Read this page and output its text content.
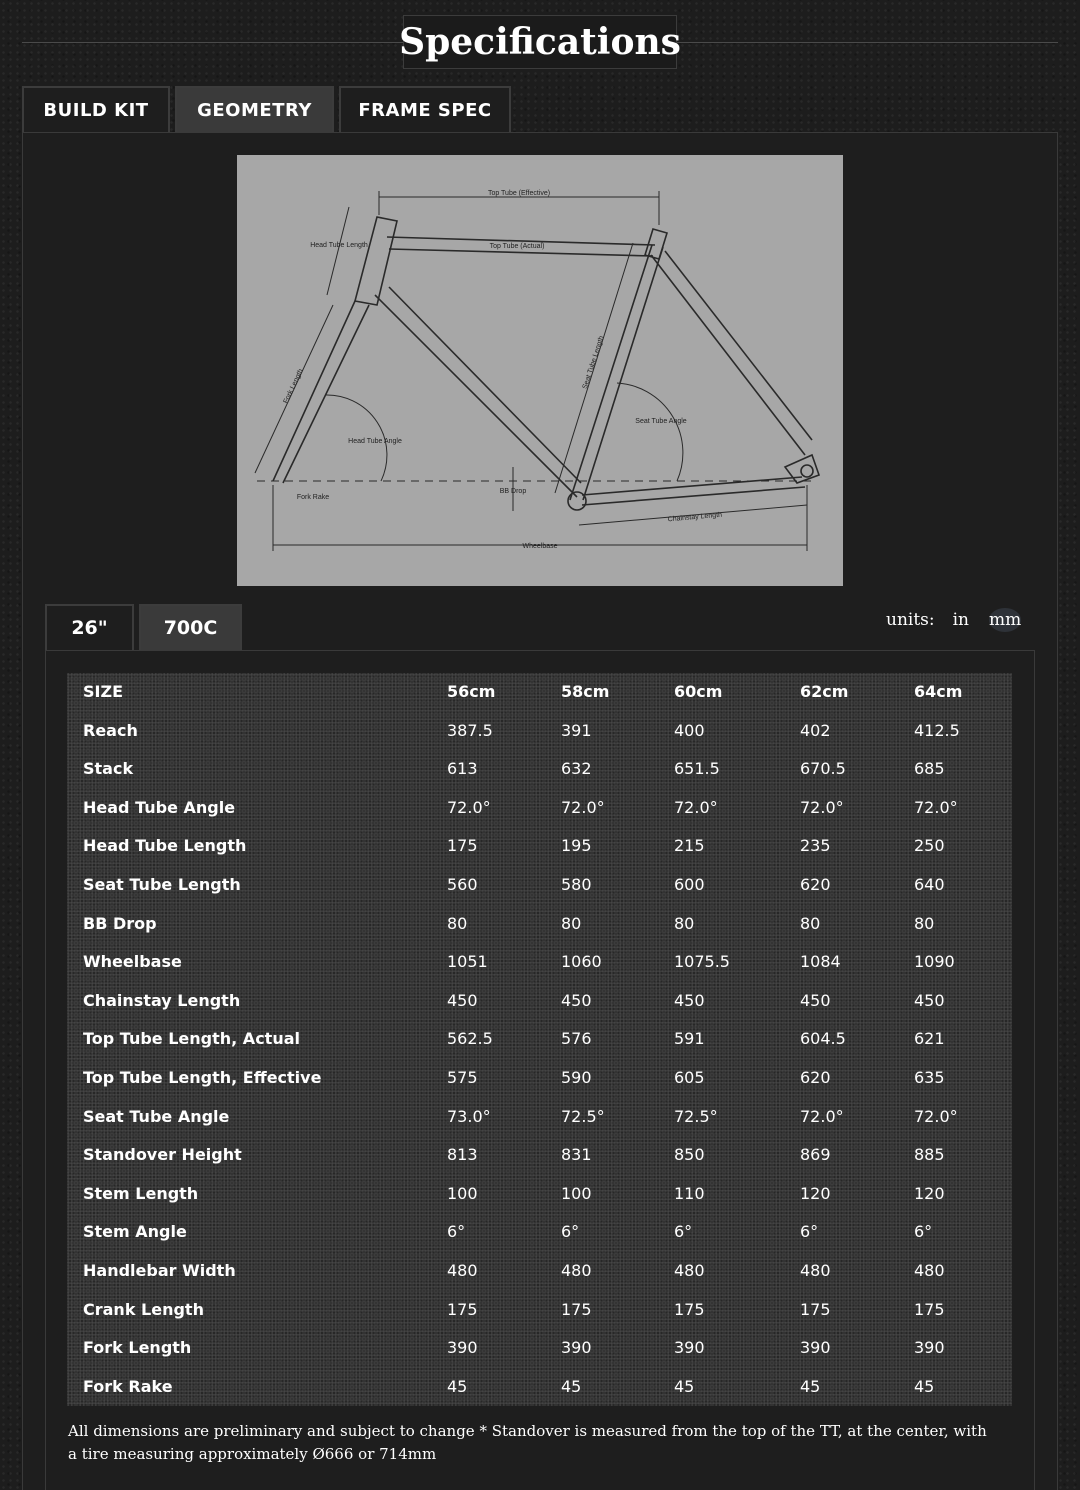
Specifications
BUILD KIT	GEOMETRY	FRAME SPEC
Top Tube (Effective)
Top Tube (Actual)
Head Tube Length
Fork Length
Head Tube Angle
Fork Rake
Seat Tube Length
Seat Tube Angle
BB Drop
Chainstay Length
Wheelbase
26"	700C	units: in mm
SIZE	56cm	58cm	60cm	62cm	64cm
Reach	387.5	391	400	402	412.5
Stack	613	632	651.5	670.5	685
Head Tube Angle	72.0°	72.0°	72.0°	72.0°	72.0°
Head Tube Length	175	195	215	235	250
Seat Tube Length	560	580	600	620	640
BB Drop	80	80	80	80	80
Wheelbase	1051	1060	1075.5	1084	1090
Chainstay Length	450	450	450	450	450
Top Tube Length, Actual	562.5	576	591	604.5	621
Top Tube Length, Effective	575	590	605	620	635
Seat Tube Angle	73.0°	72.5°	72.5°	72.0°	72.0°
Standover Height	813	831	850	869	885
Stem Length	100	100	110	120	120
Stem Angle	6°	6°	6°	6°	6°
Handlebar Width	480	480	480	480	480
Crank Length	175	175	175	175	175
Fork Length	390	390	390	390	390
Fork Rake	45	45	45	45	45
All dimensions are preliminary and subject to change * Standover is measured from the top of the TT, at the center, with a tire measuring approximately Ø666 or 714mm
